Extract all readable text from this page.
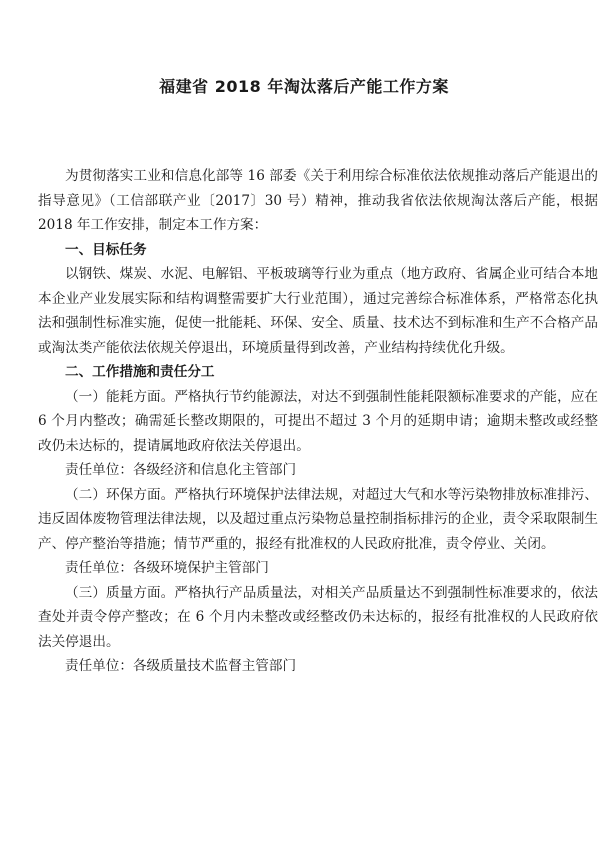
福建省 2018 年淘汰落后产能工作方案

为贯彻落实工业和信息化部等 16 部委《关于利用综合标准依法依规推动落后产能退出的指导意见》（工信部联产业〔2017〕30 号）精神，推动我省依法依规淘汰落后产能，根据 2018 年工作安排，制定本工作方案：

一、目标任务

以钢铁、煤炭、水泥、电解铝、平板玻璃等行业为重点（地方政府、省属企业可结合本地本企业产业发展实际和结构调整需要扩大行业范围），通过完善综合标准体系，严格常态化执法和强制性标准实施，促使一批能耗、环保、安全、质量、技术达不到标准和生产不合格产品或淘汰类产能依法依规关停退出，环境质量得到改善，产业结构持续优化升级。

二、工作措施和责任分工

（一）能耗方面。严格执行节约能源法，对达不到强制性能耗限额标准要求的产能，应在 6 个月内整改；确需延长整改期限的，可提出不超过 3 个月的延期申请；逾期未整改或经整改仍未达标的，提请属地政府依法关停退出。

责任单位：各级经济和信息化主管部门

（二）环保方面。严格执行环境保护法律法规，对超过大气和水等污染物排放标准排污、违反固体废物管理法律法规，以及超过重点污染物总量控制指标排污的企业，责令采取限制生产、停产整治等措施；情节严重的，报经有批准权的人民政府批准，责令停业、关闭。

责任单位：各级环境保护主管部门

（三）质量方面。严格执行产品质量法，对相关产品质量达不到强制性标准要求的，依法查处并责令停产整改；在 6 个月内未整改或经整改仍未达标的，报经有批准权的人民政府依法关停退出。

责任单位：各级质量技术监督主管部门
